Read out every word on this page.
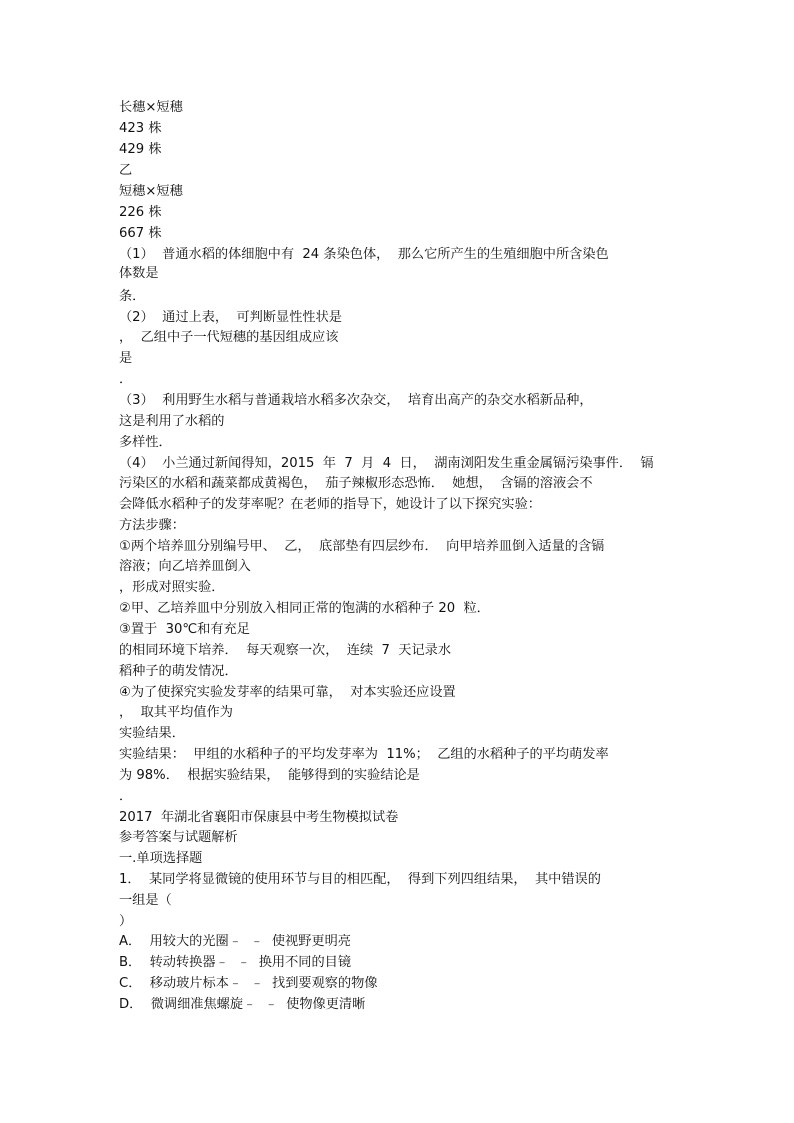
长穗×短穗
423 株
429 株
乙
短穗×短穗
226 株
667 株
（1）  普通水稻的体细胞中有  24 条染色体，  那么它所产生的生殖细胞中所含染色
体数是
条．
（2）  通过上表，  可判断显性性状是
，  乙组中子一代短穗的基因组成应该
是
．
（3）  利用野生水稻与普通栽培水稻多次杂交，  培育出高产的杂交水稻新品种，
这是利用了水稻的
多样性．
（4）  小兰通过新闻得知，2015  年  7  月  4  日，  湖南浏阳发生重金属镉污染事件．  镉
污染区的水稻和蔬菜都成黄褐色，  茄子辣椒形态恐怖．  她想，  含镉的溶液会不
会降低水稻种子的发芽率呢？在老师的指导下，她设计了以下探究实验：
方法步骤：
①两个培养皿分别编号甲、  乙，  底部垫有四层纱布．  向甲培养皿倒入适量的含镉
溶液；向乙培养皿倒入
，形成对照实验．
②甲、乙培养皿中分别放入相同正常的饱满的水稻种子 20  粒．
③置于  30℃和有充足
的相同环境下培养．  每天观察一次，  连续  7  天记录水
稻种子的萌发情况．
④为了使探究实验发芽率的结果可靠，  对本实验还应设置
，  取其平均值作为
实验结果．
实验结果：  甲组的水稻种子的平均发芽率为  11%；  乙组的水稻种子的平均萌发率
为 98%．  根据实验结果，  能够得到的实验结论是
．
2017  年湖北省襄阳市保康县中考生物模拟试卷
参考答案与试题解析
一.单项选择题
1．  某同学将显微镜的使用环节与目的相匹配，  得到下列四组结果，  其中错误的
一组是（
）
A．  用较大的光圈﹣  ﹣  使视野更明亮
B．  转动转换器﹣  ﹣  换用不同的目镜
C．  移动玻片标本﹣  ﹣  找到要观察的物像
D．  微调细准焦螺旋﹣  ﹣  使物像更清晰
